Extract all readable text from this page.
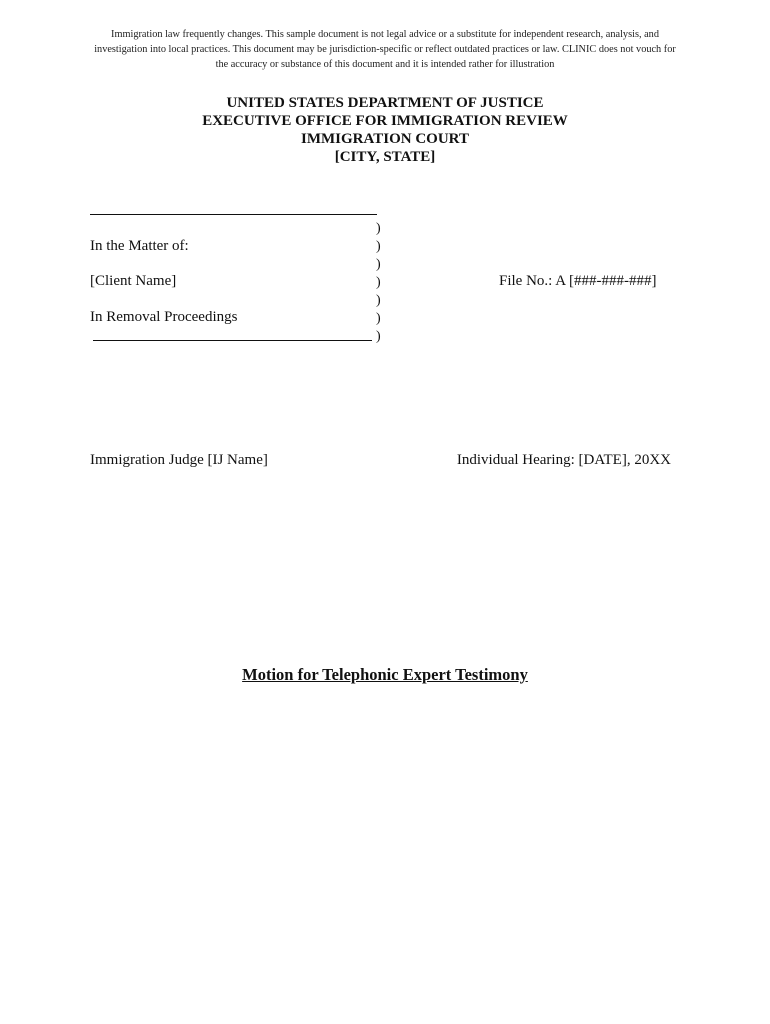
Immigration law frequently changes. This sample document is not legal advice or a substitute for independent research, analysis, and investigation into local practices. This document may be jurisdiction-specific or reflect outdated practices or law. CLINIC does not vouch for the accuracy or substance of this document and it is intended rather for illustration
UNITED STATES DEPARTMENT OF JUSTICE
EXECUTIVE OFFICE FOR IMMIGRATION REVIEW
IMMIGRATION COURT
[CITY, STATE]
)
)
)
)
)
)
)
In the Matter of:
[Client Name]
In Removal Proceedings
File No.: A [###-###-###]
Immigration Judge [IJ Name]	Individual Hearing: [DATE], 20XX
Motion for Telephonic Expert Testimony
